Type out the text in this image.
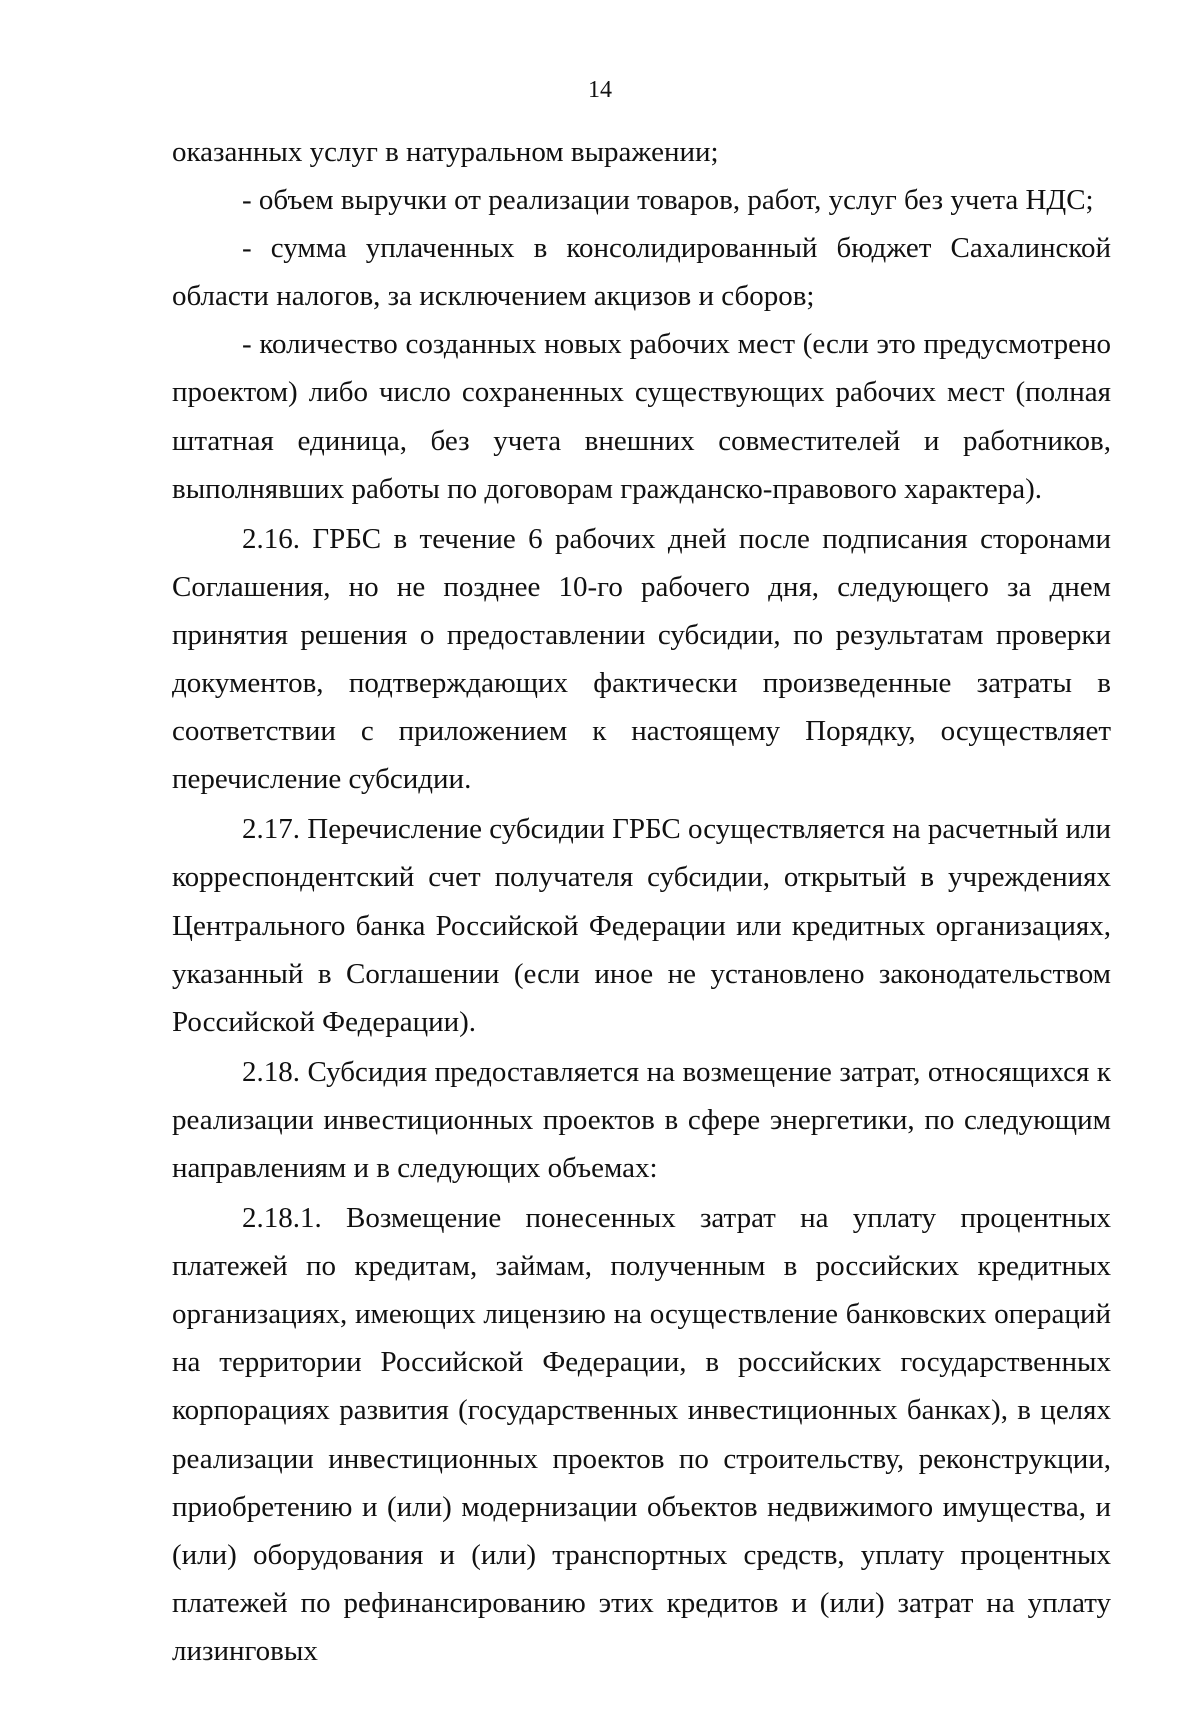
14

оказанных услуг в натуральном выражении;

- объем выручки от реализации товаров, работ, услуг без учета НДС;

- сумма уплаченных в консолидированный бюджет Сахалинской области налогов, за исключением акцизов и сборов;

- количество созданных новых рабочих мест (если это предусмотрено проектом) либо число сохраненных существующих рабочих мест (полная штатная единица, без учета внешних совместителей и работников, выполнявших работы по договорам гражданско-правового характера).

2.16. ГРБС в течение 6 рабочих дней после подписания сторонами Соглашения, но не позднее 10-го рабочего дня, следующего за днем принятия решения о предоставлении субсидии, по результатам проверки документов, подтверждающих фактически произведенные затраты в соответствии с приложением к настоящему Порядку, осуществляет перечисление субсидии.

2.17. Перечисление субсидии ГРБС осуществляется на расчетный или корреспондентский счет получателя субсидии, открытый в учреждениях Центрального банка Российской Федерации или кредитных организациях, указанный в Соглашении (если иное не установлено законодательством Российской Федерации).

2.18. Субсидия предоставляется на возмещение затрат, относящихся к реализации инвестиционных проектов в сфере энергетики, по следующим направлениям и в следующих объемах:

2.18.1. Возмещение понесенных затрат на уплату процентных платежей по кредитам, займам, полученным в российских кредитных организациях, имеющих лицензию на осуществление банковских операций на территории Российской Федерации, в российских государственных корпорациях развития (государственных инвестиционных банках), в целях реализации инвестиционных проектов по строительству, реконструкции, приобретению и (или) модернизации объектов недвижимого имущества, и (или) оборудования и (или) транспортных средств, уплату процентных платежей по рефинансированию этих кредитов и (или) затрат на уплату лизинговых
